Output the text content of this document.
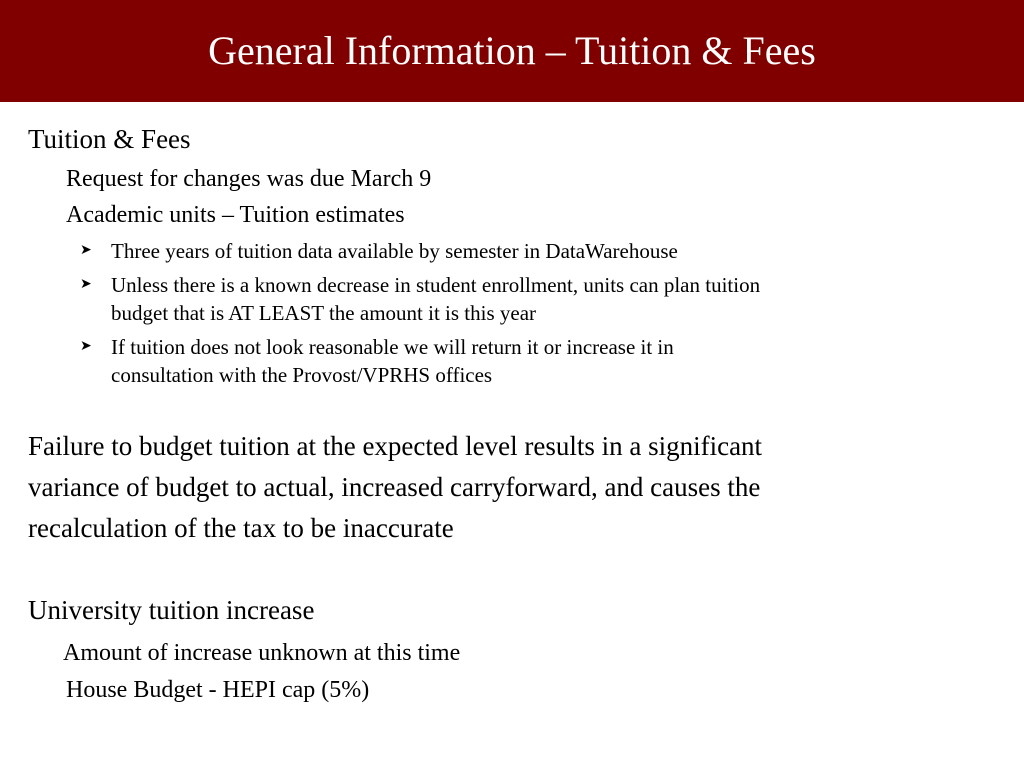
General Information – Tuition & Fees
Tuition & Fees
Request for changes was due March 9
Academic units – Tuition estimates
➤ Three years of tuition data available by semester in DataWarehouse
➤ Unless there is a known decrease in student enrollment, units can plan tuition
budget that is AT LEAST the amount it is this year
➤ If tuition does not look reasonable we will return it or increase it in
consultation with the Provost/VPRHS offices
Failure to budget tuition at the expected level results in a significant
variance of budget to actual, increased carryforward, and causes the
recalculation of the tax to be inaccurate
University tuition increase
Amount of increase unknown at this time
House Budget - HEPI cap (5%)
